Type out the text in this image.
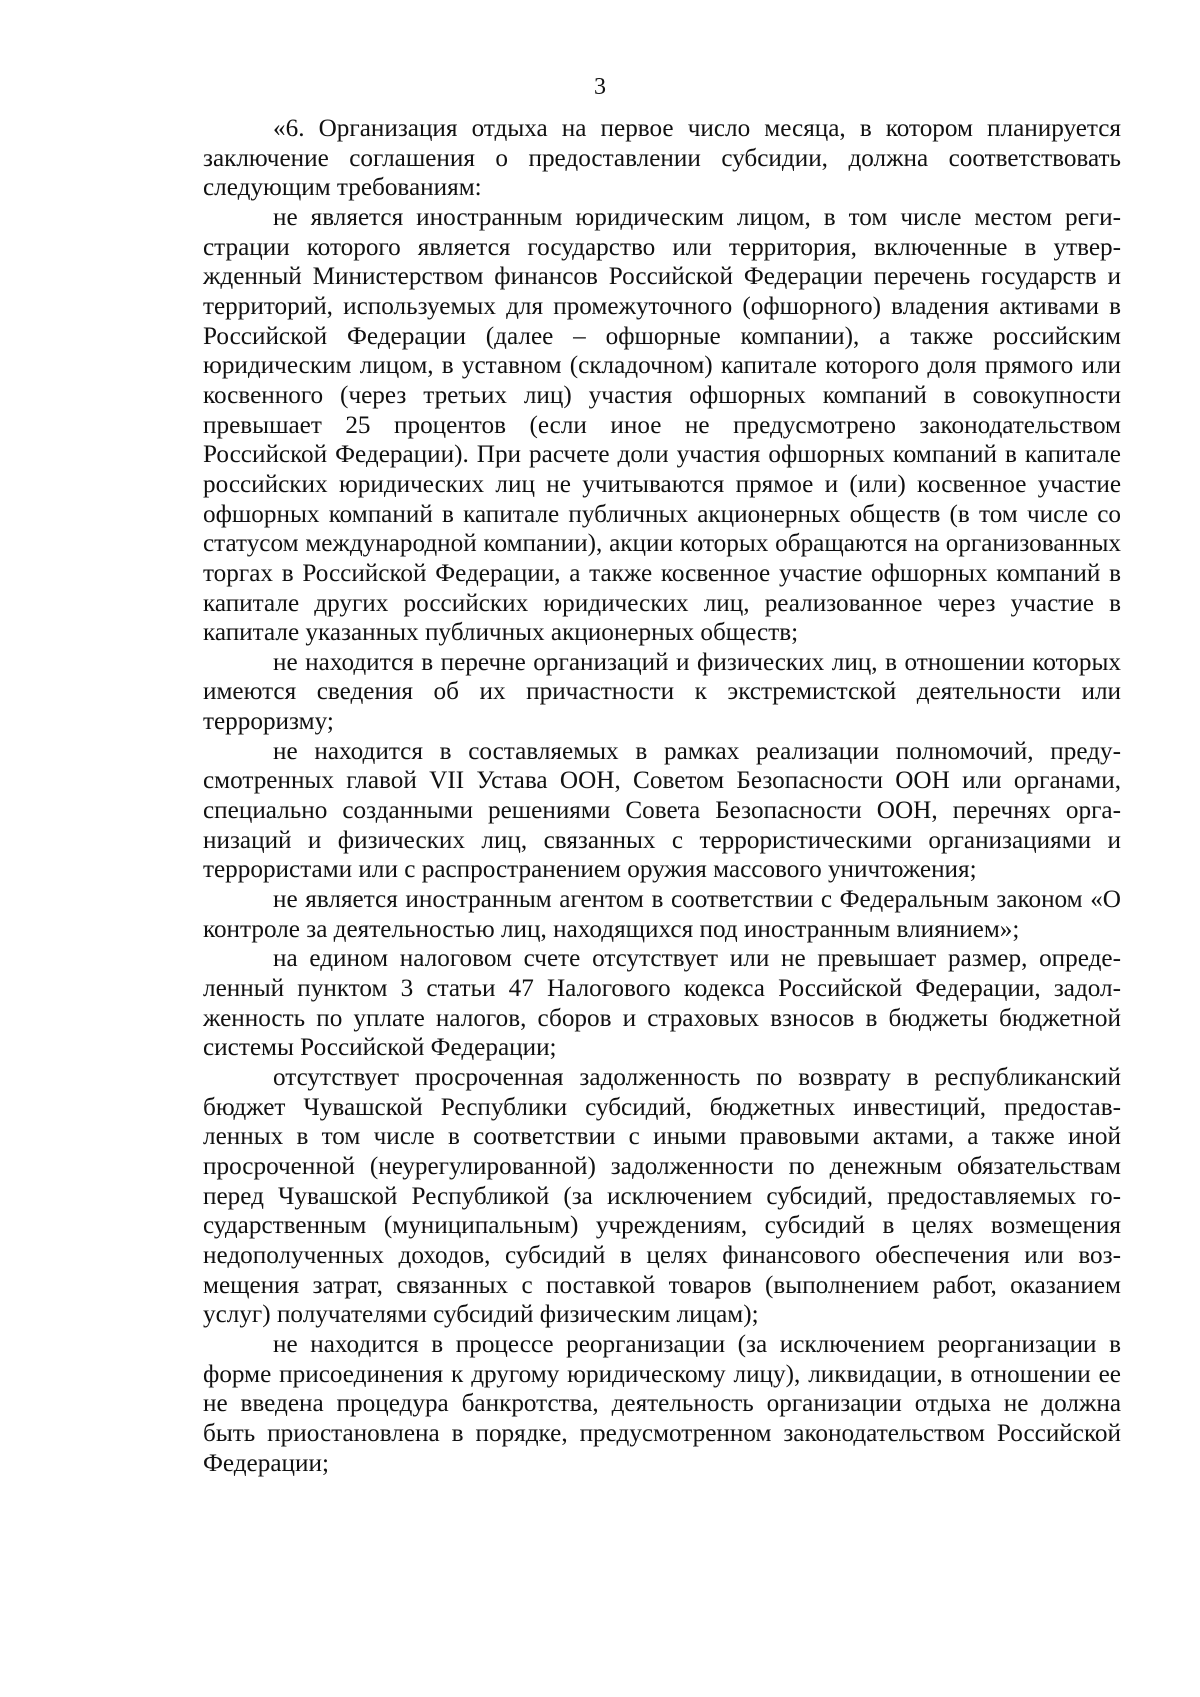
3

«6. Организация отдыха на первое число месяца, в котором планируется заключение соглашения о предоставлении субсидии, должна соответствовать следующим требованиям:

не является иностранным юридическим лицом, в том числе местом регистрации которого является государство или территория, включенные в утвержденный Министерством финансов Российской Федерации перечень государств и территорий, используемых для промежуточного (офшорного) владения активами в Российской Федерации (далее – офшорные компании), а также российским юридическим лицом, в уставном (складочном) капитале которого доля прямого или косвенного (через третьих лиц) участия офшорных компаний в совокупности превышает 25 процентов (если иное не предусмотрено законодательством Российской Федерации). При расчете доли участия офшорных компаний в капитале российских юридических лиц не учитываются прямое и (или) косвенное участие офшорных компаний в капитале публичных акционерных обществ (в том числе со статусом международной компании), акции которых обращаются на организованных торгах в Российской Федерации, а также косвенное участие офшорных компаний в капитале других российских юридических лиц, реализованное через участие в капитале указанных публичных акционерных обществ;

не находится в перечне организаций и физических лиц, в отношении которых имеются сведения об их причастности к экстремистской деятельности или терроризму;

не находится в составляемых в рамках реализации полномочий, предусмотренных главой VII Устава ООН, Советом Безопасности ООН или органами, специально созданными решениями Совета Безопасности ООН, перечнях организаций и физических лиц, связанных с террористическими организациями и террористами или с распространением оружия массового уничтожения;

не является иностранным агентом в соответствии с Федеральным законом «О контроле за деятельностью лиц, находящихся под иностранным влиянием»;

на едином налоговом счете отсутствует или не превышает размер, определенный пунктом 3 статьи 47 Налогового кодекса Российской Федерации, задолженность по уплате налогов, сборов и страховых взносов в бюджеты бюджетной системы Российской Федерации;

отсутствует просроченная задолженность по возврату в республиканский бюджет Чувашской Республики субсидий, бюджетных инвестиций, предоставленных в том числе в соответствии с иными правовыми актами, а также иной просроченной (неурегулированной) задолженности по денежным обязательствам перед Чувашской Республикой (за исключением субсидий, предоставляемых государственным (муниципальным) учреждениям, субсидий в целях возмещения недополученных доходов, субсидий в целях финансового обеспечения или возмещения затрат, связанных с поставкой товаров (выполнением работ, оказанием услуг) получателями субсидий физическим лицам);

не находится в процессе реорганизации (за исключением реорганизации в форме присоединения к другому юридическому лицу), ликвидации, в отношении ее не введена процедура банкротства, деятельность организации отдыха не должна быть приостановлена в порядке, предусмотренном законодательством Российской Федерации;
